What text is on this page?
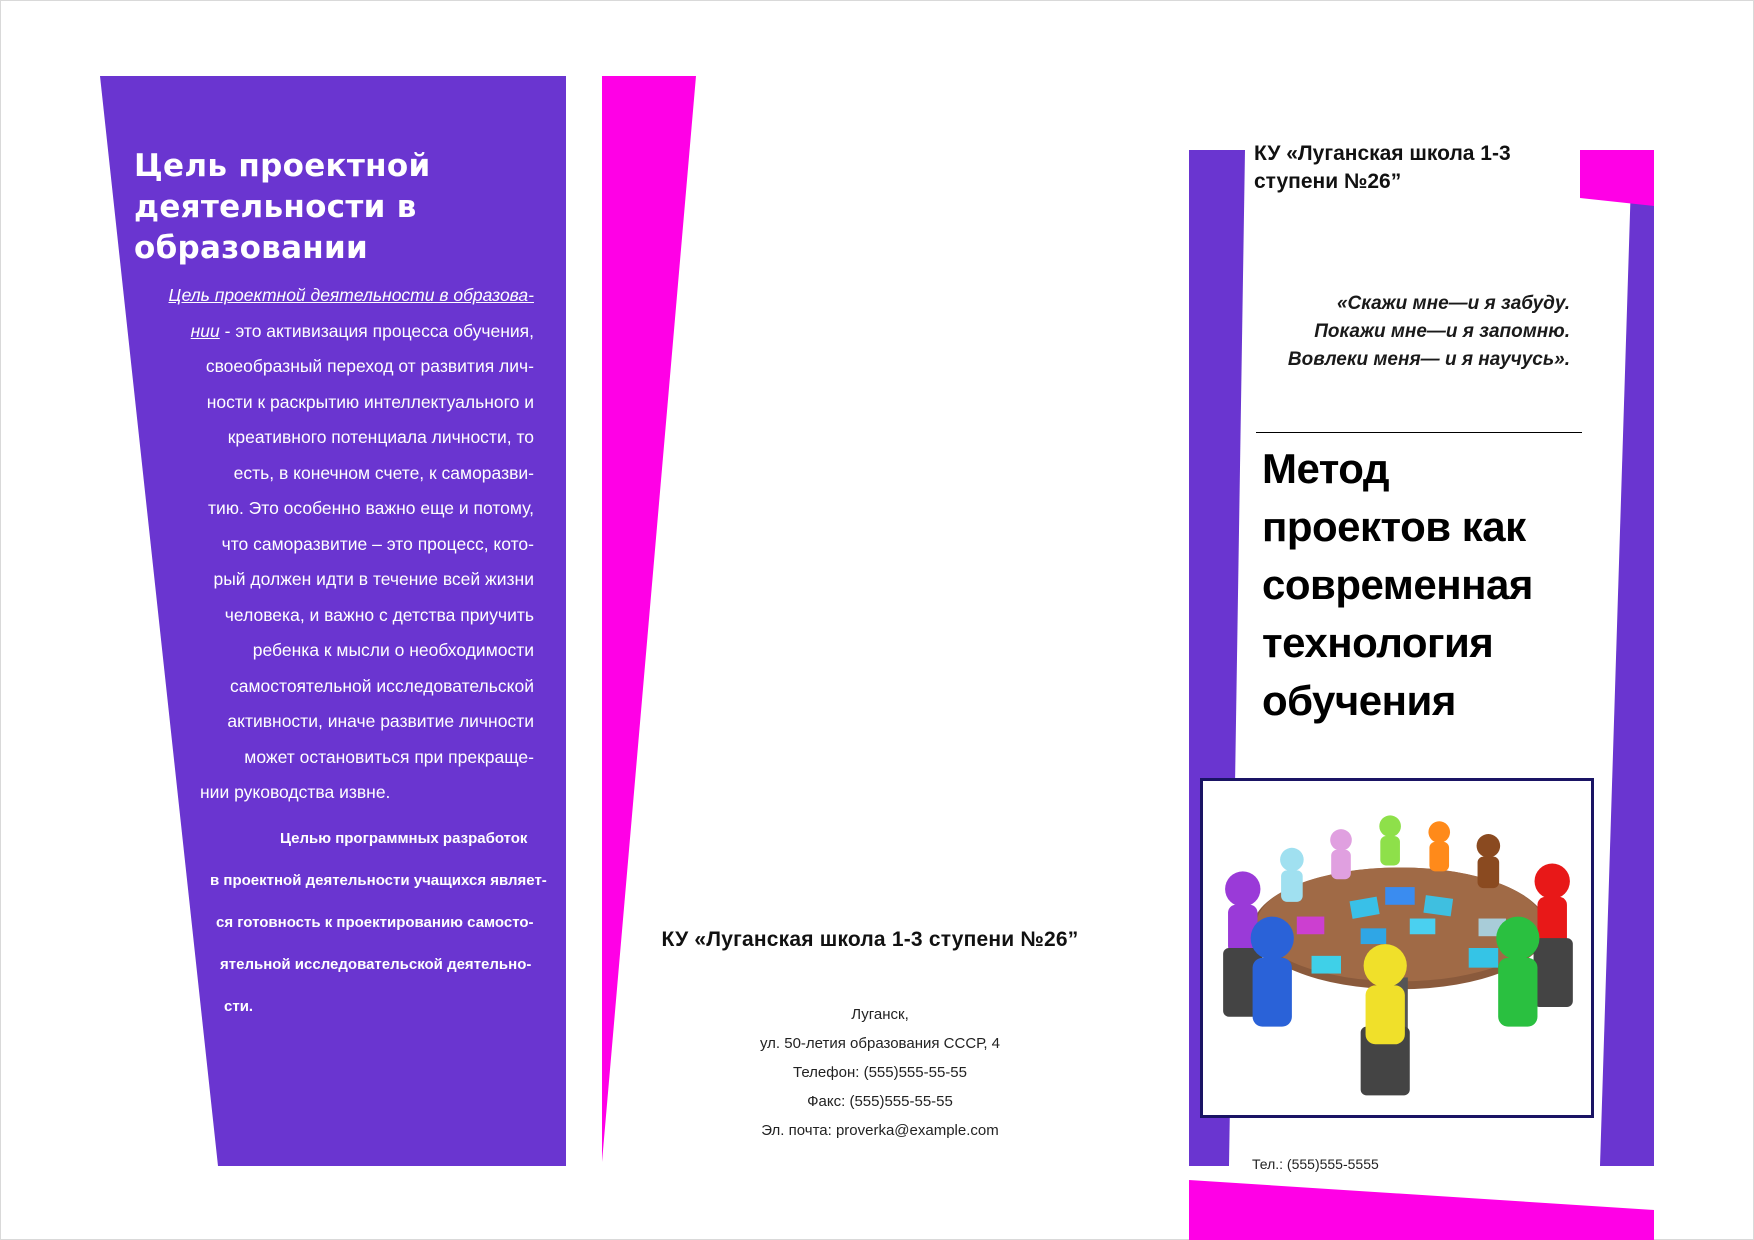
Цель проектной
деятельности в
образовании
Цель проектной деятельности в образова-
нии - это активизация процесса обучения,
своеобразный переход от развития лич-
ности к раскрытию интеллектуального и
креативного потенциала личности, то
есть, в конечном счете, к саморазви-
тию. Это особенно важно еще и потому,
что саморазвитие – это процесс, кото-
рый должен идти в течение всей жизни
человека, и важно с детства приучить
ребенка к мысли о необходимости
самостоятельной исследовательской
активности, иначе развитие личности
может остановиться при прекраще-
нии руководства извне.
Целью программных разработок
в проектной деятельности учащихся являет-
ся готовность к проектированию самосто-
ятельной исследовательской деятельно-
сти.
КУ «Луганская школа 1-3 ступени №26”
Луганск,
ул. 50-летия образования СССР, 4
Телефон: (555)555-55-55
Факс: (555)555-55-55
Эл. почта: proverka@example.com
КУ «Луганская школа 1-3
ступени №26”
«Скажи мне—и я забуду.
Покажи мне—и я запомню.
Вовлеки меня— и я научусь».
Метод
проектов как
современная
технология
обучения
Тел.: (555)555-5555
